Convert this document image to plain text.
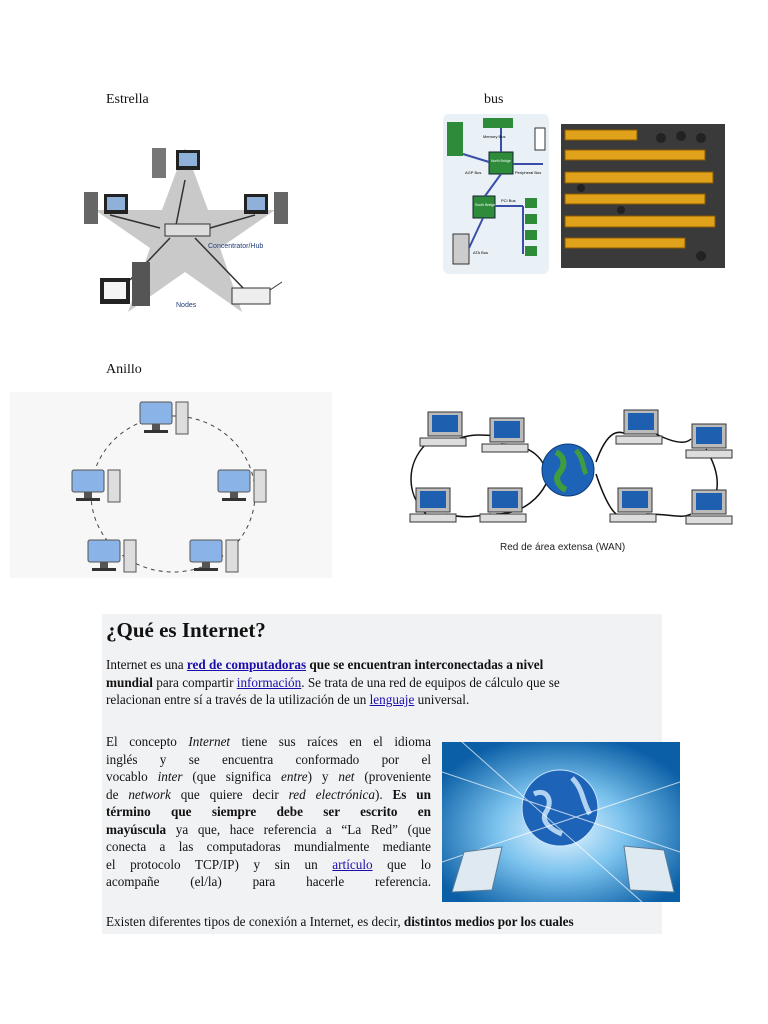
Estrella
Concentrator/Hub
Nodes
bus
Memory Bus
North Bridge
AGP Bus	Peripheral Bus
South Bridge
PCI Bus
ATA Bus
Anillo
Red de área extensa (WAN)
¿Qué es Internet?
Internet es una red de computadoras que se encuentran interconectadas a nivel
mundial para compartir información. Se trata de una red de equipos de cálculo que se
relacionan entre sí a través de la utilización de un lenguaje universal.
El concepto Internet tiene sus raíces en el idioma
inglés y se encuentra conformado por el
vocablo inter (que significa entre) y net (proveniente
de network que quiere decir red electrónica). Es un
término que siempre debe ser escrito en
mayúscula ya que, hace referencia a “La Red” (que
conecta a las computadoras mundialmente mediante
el protocolo TCP/IP) y sin un artículo que lo
acompañe (el/la) para hacerle referencia.
Existen diferentes tipos de conexión a Internet, es decir, distintos medios por los cuales
